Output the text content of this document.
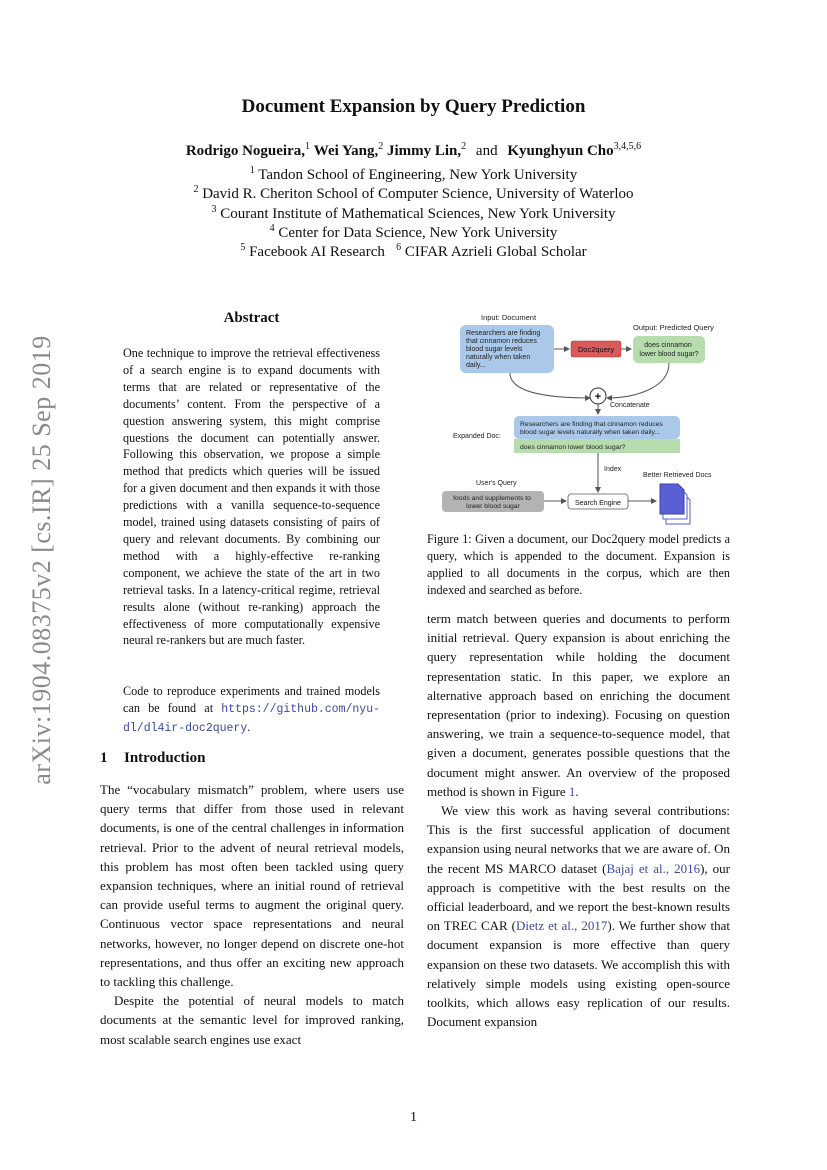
arXiv:1904.08375v2 [cs.IR] 25 Sep 2019
Document Expansion by Query Prediction
Rodrigo Nogueira,$^1$ Wei Yang,$^2$ Jimmy Lin,$^2$ and Kyunghyun Cho$^{3,4,5,6}$
$^1$ Tandon School of Engineering, New York University
$^2$ David R. Cheriton School of Computer Science, University of Waterloo
$^3$ Courant Institute of Mathematical Sciences, New York University
$^4$ Center for Data Science, New York University
$^5$ Facebook AI Research $^6$ CIFAR Azrieli Global Scholar
Abstract

One technique to improve the retrieval effectiveness of a search engine is to expand documents with terms that are related or representative of the documents’ content. From the perspective of a question answering system, this might comprise questions the document can potentially answer. Following this observation, we propose a simple method that predicts which queries will be issued for a given document and then expands it with those predictions with a vanilla sequence-to-sequence model, trained using datasets consisting of pairs of query and relevant documents. By combining our method with a highly-effective re-ranking component, we achieve the state of the art in two retrieval tasks. In a latency-critical regime, retrieval results alone (without re-ranking) approach the effectiveness of more computationally expensive neural re-rankers but are much faster.

Code to reproduce experiments and trained models can be found at https://github.com/nyu-dl/dl4ir-doc2query.
1 Introduction

The “vocabulary mismatch” problem, where users use query terms that differ from those used in relevant documents, is one of the central challenges in information retrieval. Prior to the advent of neural retrieval models, this problem has most often been tackled using query expansion techniques, where an initial round of retrieval can provide useful terms to augment the original query. Continuous vector space representations and neural networks, however, no longer depend on discrete one-hot representations, and thus offer an exciting new approach to tackling this challenge.

Despite the potential of neural models to match documents at the semantic level for improved ranking, most scalable search engines use exact

Input: Document
Researchers are finding that cinnamon reduces blood sugar levels naturally when taken daily...
Doc2query
Output: Predicted Query
does cinnamon lower blood sugar?
+
Concatenate
Expanded Doc:
Researchers are finding that cinnamon reduces blood sugar levels naturally when taken daily...
does cinnamon lower blood sugar?
Index
Better Retrieved Docs
User's Query
foods and supplements to lower blood sugar	Search Engine
Figure 1: Given a document, our Doc2query model predicts a query, which is appended to the document. Expansion is applied to all documents in the corpus, which are then indexed and searched as before.

term match between queries and documents to perform initial retrieval. Query expansion is about enriching the query representation while holding the document representation static. In this paper, we explore an alternative approach based on enriching the document representation (prior to indexing). Focusing on question answering, we train a sequence-to-sequence model, that given a document, generates possible questions that the document might answer. An overview of the proposed method is shown in Figure 1.

We view this work as having several contributions: This is the first successful application of document expansion using neural networks that we are aware of. On the recent MS MARCO dataset (Bajaj et al., 2016), our approach is competitive with the best results on the official leaderboard, and we report the best-known results on TREC CAR (Dietz et al., 2017). We further show that document expansion is more effective than query expansion on these two datasets. We accomplish this with relatively simple models using existing open-source toolkits, which allows easy replication of our results. Document expansion

1
